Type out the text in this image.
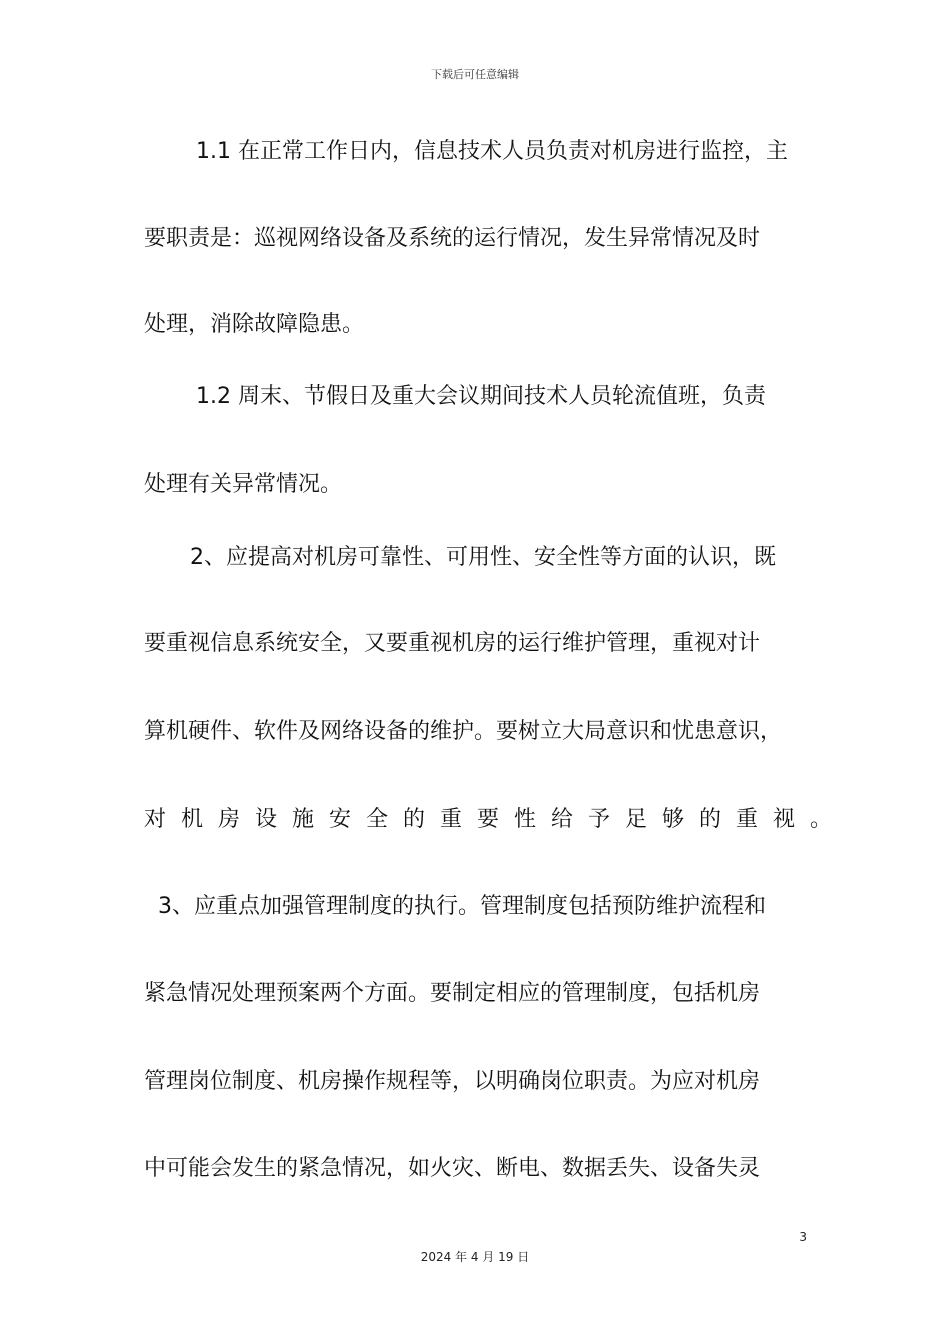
下载后可任意编辑
1.1 在正常工作日内，信息技术人员负责对机房进行监控，主
要职责是：巡视网络设备及系统的运行情况，发生异常情况及时
处理，消除故障隐患。
1.2 周末、节假日及重大会议期间技术人员轮流值班，负责
处理有关异常情况。
2、应提高对机房可靠性、可用性、安全性等方面的认识，既
要重视信息系统安全，又要重视机房的运行维护管理，重视对计
算机硬件、软件及网络设备的维护。要树立大局意识和忧患意识，
对机房设施安全的重要性给予足够的重视。
3、应重点加强管理制度的执行。管理制度包括预防维护流程和
紧急情况处理预案两个方面。要制定相应的管理制度，包括机房
管理岗位制度、机房操作规程等，以明确岗位职责。为应对机房
中可能会发生的紧急情况，如火灾、断电、数据丢失、设备失灵
3
2024 年 4 月 19 日
